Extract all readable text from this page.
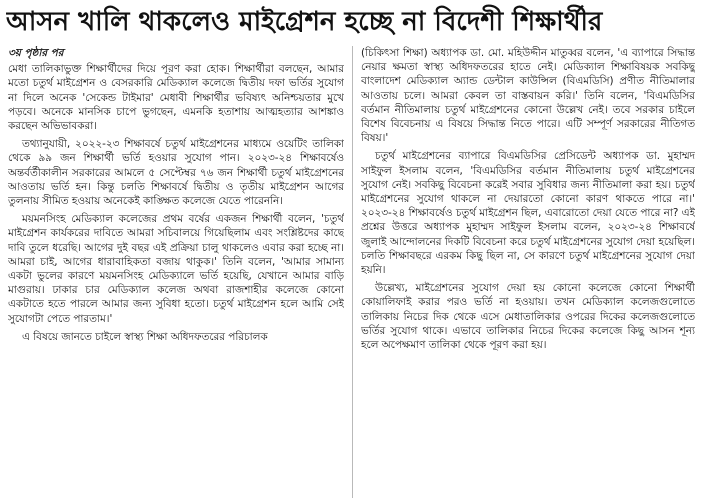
আসন খালি থাকলেও মাইগ্রেশন হচ্ছে না বিদেশী শিক্ষার্থীর

৩য় পৃষ্ঠার পর

মেধা তালিকাভুক্ত শিক্ষার্থীদের দিয়ে পূরণ করা হোক। শিক্ষার্থীরা বলছেন, আমার মতো চতুর্থ মাইগ্রেশন ও বেসরকারি মেডিক্যাল কলেজে দ্বিতীয় দফা ভর্তির সুযোগ না দিলে অনেক 'সেকেন্ড টাইমার' মেধাবী শিক্ষার্থীর ভবিষ্যৎ অনিশ্চয়তার মুখে পড়বে। অনেকে মানসিক চাপে ভুগছেন, এমনকি হতাশায় আত্মহত্যার আশঙ্কাও করছেন অভিভাবকরা।

তথ্যানুযায়ী, ২০২২-২৩ শিক্ষাবর্ষে চতুর্থ মাইগ্রেশনের মাধ্যমে ওয়েটিং তালিকা থেকে ৯৯ জন শিক্ষার্থী ভর্তি হওয়ার সুযোগ পান। ২০২৩-২৪ শিক্ষাবর্ষেও অন্তর্বর্তীকালীন সরকারের আমলে ৫ সেপ্টেম্বর ৭৬ জন শিক্ষার্থী চতুর্থ মাইগ্রেশনের আওতায় ভর্তি হন। কিন্তু চলতি শিক্ষাবর্ষে দ্বিতীয় ও তৃতীয় মাইগ্রেশন আগের তুলনায় সীমিত হওয়ায় অনেকেই কাঙ্ক্ষিত কলেজে যেতে পারেননি।

ময়মনসিংহ মেডিক্যাল কলেজের প্রথম বর্ষের একজন শিক্ষার্থী বলেন, 'চতুর্থ মাইগ্রেশন কার্যকরের দাবিতে আমরা সচিবালয়ে গিয়েছিলাম এবং সংশ্লিষ্টদের কাছে দাবি তুলে ধরেছি। আগের দুই বছর এই প্রক্রিয়া চালু থাকলেও এবার করা হচ্ছে না। আমরা চাই, আগের ধারাবাহিকতা বজায় থাকুক।' তিনি বলেন, 'আমার সামান্য একটা ভুলের কারণে ময়মনসিংহ মেডিক্যালে ভর্তি হয়েছি, যেখানে আমার বাড়ি মাগুরায়। ঢাকার চার মেডিক্যাল কলেজ অথবা রাজশাহীর কলেজে কোনো একটাতে হতে পারলে আমার জন্য সুবিধা হতো। চতুর্থ মাইগ্রেশন হলে আমি সেই সুযোগটা পেতে পারতাম।'

এ বিষয়ে জানতে চাইলে স্বাস্থ্য শিক্ষা অধিদফতরের পরিচালক

(চিকিৎসা শিক্ষা) অধ্যাপক ডা. মো. মহিউদ্দীন মাতুব্বর বলেন, 'এ ব্যাপারে সিদ্ধান্ত নেয়ার ক্ষমতা স্বাস্থ্য অধিদফতরের হাতে নেই। মেডিক্যাল শিক্ষাবিষয়ক সবকিছু বাংলাদেশ মেডিক্যাল অ্যান্ড ডেন্টাল কাউন্সিল (বিএমডিসি) প্রণীত নীতিমালার আওতায় চলে। আমরা কেবল তা বাস্তবায়ন করি।' তিনি বলেন, 'বিএমডিসির বর্তমান নীতিমালায় চতুর্থ মাইগ্রেশনের কোনো উল্লেখ নেই। তবে সরকার চাইলে বিশেষ বিবেচনায় এ বিষয়ে সিদ্ধান্ত নিতে পারে। এটি সম্পূর্ণ সরকারের নীতিগত বিষয়।'

চতুর্থ মাইগ্রেশনের ব্যাপারে বিএমডিসির প্রেসিডেন্ট অধ্যাপক ডা. মুহাম্মদ সাইফুল ইসলাম বলেন, 'বিএমডিসির বর্তমান নীতিমালায় চতুর্থ মাইগ্রেশনের সুযোগ নেই। সবকিছু বিবেচনা করেই সবার সুবিধার জন্য নীতিমালা করা হয়। চতুর্থ মাইগ্রেশনের সুযোগ থাকলে না দেয়ারতো কোনো কারণ থাকতে পারে না।' ২০২৩-২৪ শিক্ষাবর্ষেও চতুর্থ মাইগ্রেশন ছিল, এবারোতো দেয়া যেতে পারে না? এই প্রশ্নের উত্তরে অধ্যাপক মুহাম্মদ সাইফুল ইসলাম বলেন, ২০২৩-২৪ শিক্ষাবর্ষে জুলাই আন্দোলনের দিকটি বিবেচনা করে চতুর্থ মাইগ্রেশনের সুযোগ দেয়া হয়েছিল। চলতি শিক্ষাবছরে এরকম কিছু ছিল না, সে কারণে চতুর্থ মাইগ্রেশনের সুযোগ দেয়া হয়নি।

উল্লেখ্য, মাইগ্রেশনের সুযোগ দেয়া হয় কোনো কলেজে কোনো শিক্ষার্থী কোয়ালিফাই করার পরও ভর্তি না হওয়ায়। তখন মেডিক্যাল কলেজগুলোতে তালিকায় নিচের দিক থেকে এসে মেধাতালিকার ওপরের দিকের কলেজগুলোতে ভর্তির সুযোগ থাকে। এভাবে তালিকার নিচের দিকের কলেজে কিছু আসন শূন্য হলে অপেক্ষমাণ তালিকা থেকে পূরণ করা হয়।
